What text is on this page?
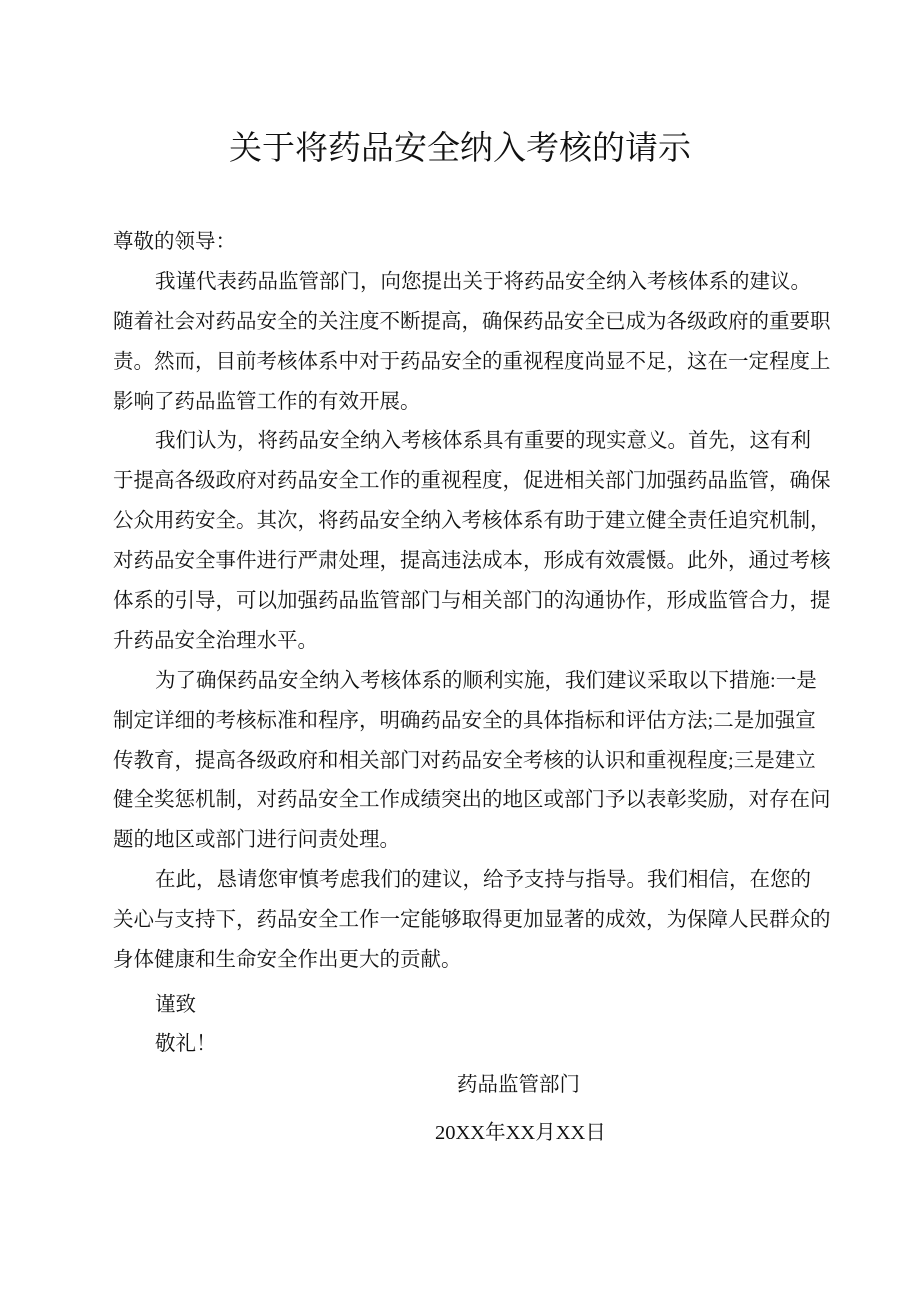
关于将药品安全纳入考核的请示
尊敬的领导：
我谨代表药品监管部门，向您提出关于将药品安全纳入考核体系的建议。
随着社会对药品安全的关注度不断提高，确保药品安全已成为各级政府的重要职
责。然而，目前考核体系中对于药品安全的重视程度尚显不足，这在一定程度上
影响了药品监管工作的有效开展。
我们认为，将药品安全纳入考核体系具有重要的现实意义。首先，这有利
于提高各级政府对药品安全工作的重视程度，促进相关部门加强药品监管，确保
公众用药安全。其次，将药品安全纳入考核体系有助于建立健全责任追究机制，
对药品安全事件进行严肃处理，提高违法成本，形成有效震慑。此外，通过考核
体系的引导，可以加强药品监管部门与相关部门的沟通协作，形成监管合力，提
升药品安全治理水平。
为了确保药品安全纳入考核体系的顺利实施，我们建议采取以下措施:一是
制定详细的考核标准和程序，明确药品安全的具体指标和评估方法;二是加强宣
传教育，提高各级政府和相关部门对药品安全考核的认识和重视程度;三是建立
健全奖惩机制，对药品安全工作成绩突出的地区或部门予以表彰奖励，对存在问
题的地区或部门进行问责处理。
在此，恳请您审慎考虑我们的建议，给予支持与指导。我们相信，在您的
关心与支持下，药品安全工作一定能够取得更加显著的成效，为保障人民群众的
身体健康和生命安全作出更大的贡献。
谨致
敬礼！
药品监管部门
20XX年XX月XX日
